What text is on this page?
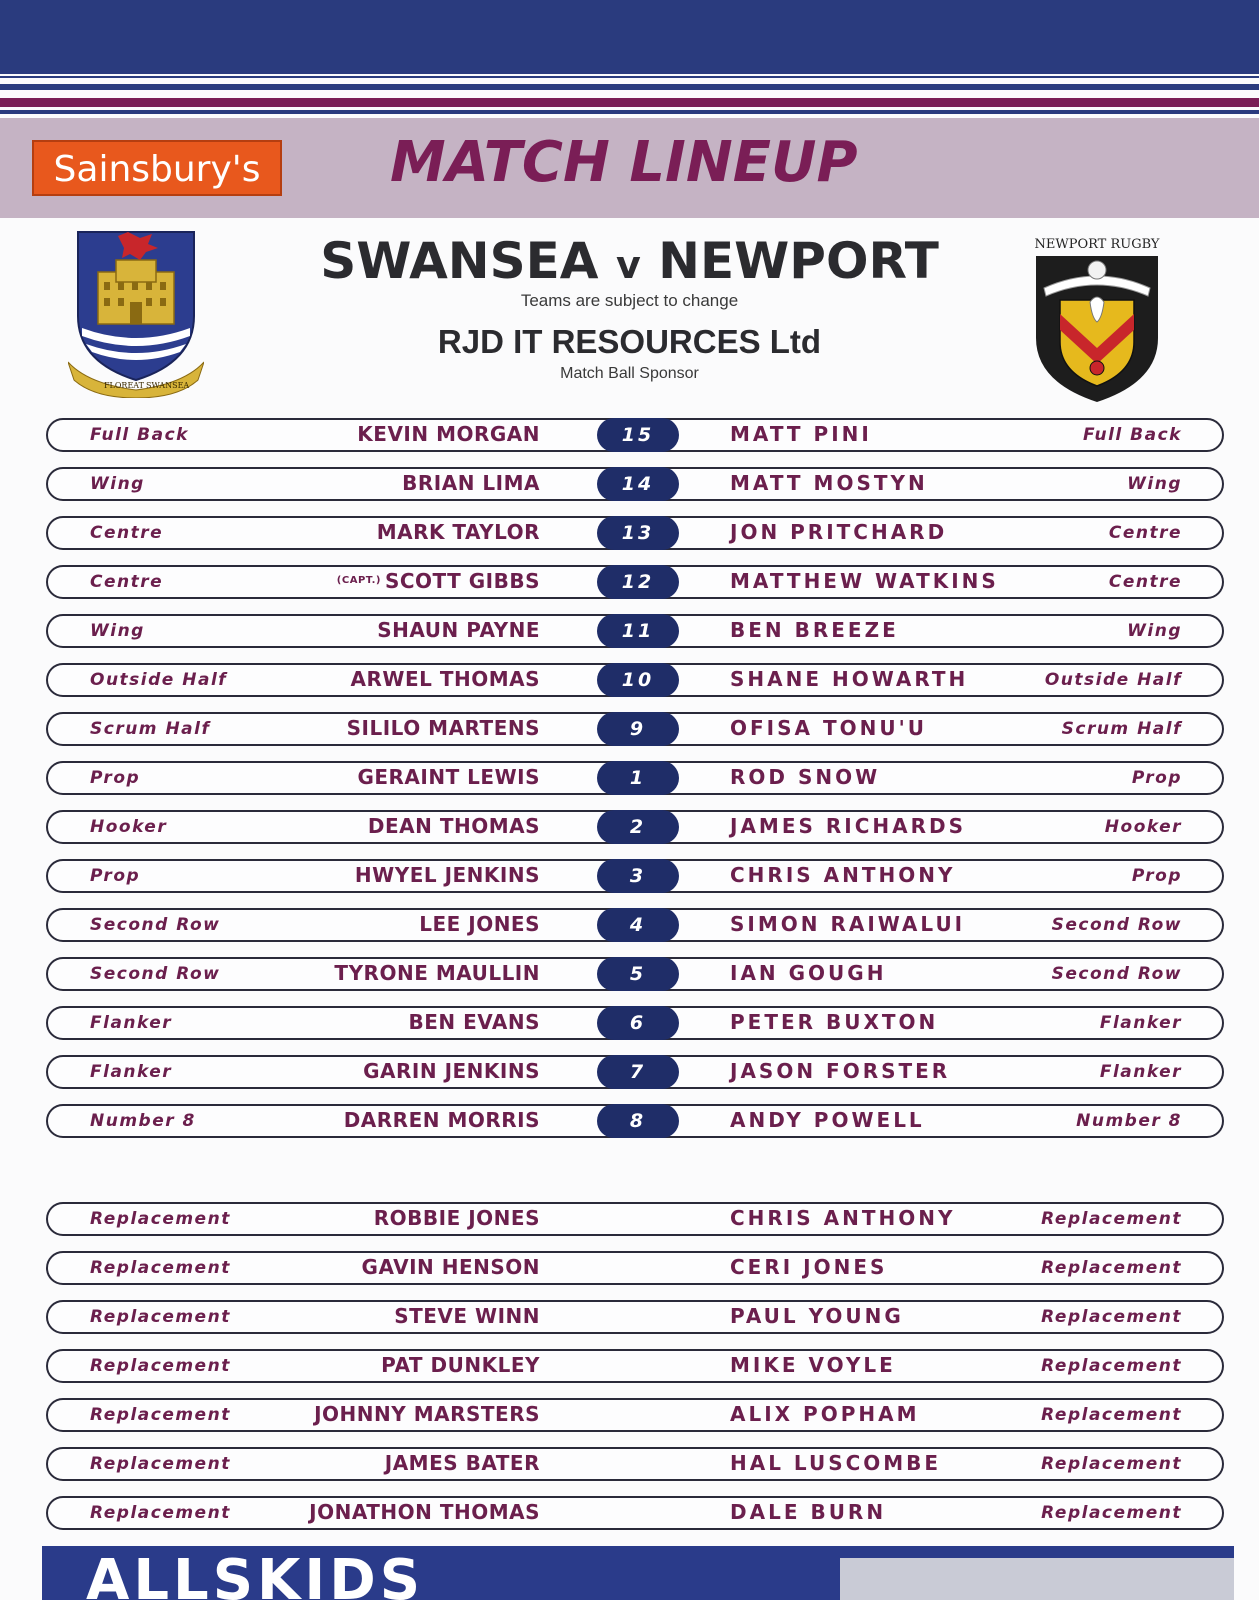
Sainsbury's	MATCH LINEUP
FLOREAT SWANSEA
NEWPORT RUGBY
SWANSEA v NEWPORT
Teams are subject to change
RJD IT RESOURCES Ltd
Match Ball Sponsor
Full Back	KEVIN MORGAN	15	MATT PINI	Full Back
Wing	BRIAN LIMA	14	MATT MOSTYN	Wing
Centre	MARK TAYLOR	13	JON PRITCHARD	Centre
Centre	$^{(CAPT.)}$ SCOTT GIBBS	12	MATTHEW WATKINS	Centre
Wing	SHAUN PAYNE	11	BEN BREEZE	Wing
Outside Half	ARWEL THOMAS	10	SHANE HOWARTH	Outside Half
Scrum Half	SILILO MARTENS	9	OFISA TONU'U	Scrum Half
Prop	GERAINT LEWIS	1	ROD SNOW	Prop
Hooker	DEAN THOMAS	2	JAMES RICHARDS	Hooker
Prop	HWYEL JENKINS	3	CHRIS ANTHONY	Prop
Second Row	LEE JONES	4	SIMON RAIWALUI	Second Row
Second Row	TYRONE MAULLIN	5	IAN GOUGH	Second Row
Flanker	BEN EVANS	6	PETER BUXTON	Flanker
Flanker	GARIN JENKINS	7	JASON FORSTER	Flanker
Number 8	DARREN MORRIS	8	ANDY POWELL	Number 8
Replacement	ROBBIE JONES	CHRIS ANTHONY	Replacement
Replacement	GAVIN HENSON	CERI JONES	Replacement
Replacement	STEVE WINN	PAUL YOUNG	Replacement
Replacement	PAT DUNKLEY	MIKE VOYLE	Replacement
Replacement	JOHNNY MARSTERS	ALIX POPHAM	Replacement
Replacement	JAMES BATER	HAL LUSCOMBE	Replacement
Replacement	JONATHON THOMAS	DALE BURN	Replacement
ALLSKIDS
